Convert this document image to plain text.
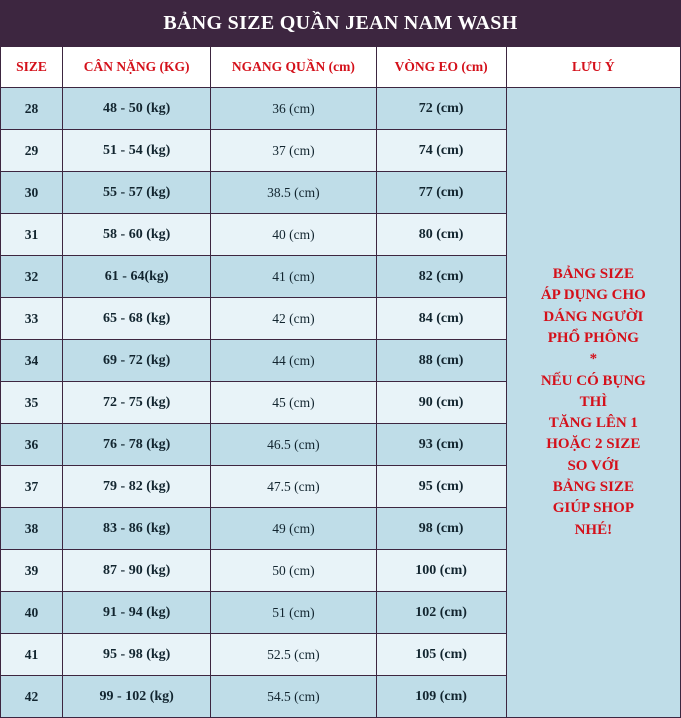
BẢNG SIZE QUẦN JEAN NAM WASH
SIZE	CÂN NẶNG (KG)	NGANG QUẦN (cm)	VÒNG EO (cm)	LƯU Ý
28	48 - 50 (kg)	36 (cm)	72 (cm)	
BẢNG SIZE
ÁP DỤNG CHO
DÁNG NGƯỜI
PHỔ PHÔNG
*
NẾU CÓ BỤNG
THÌ
TĂNG LÊN 1
HOẶC 2 SIZE
SO VỚI
BẢNG SIZE
GIÚP SHOP
NHÉ!

29	51 - 54 (kg)	37 (cm)	74 (cm)	
30	55 - 57 (kg)	38.5 (cm)	77 (cm)	
31	58 - 60 (kg)	40 (cm)	80 (cm)	
32	61 - 64(kg)	41 (cm)	82 (cm)	
33	65 - 68 (kg)	42 (cm)	84 (cm)	
34	69 - 72 (kg)	44 (cm)	88 (cm)	
35	72 - 75 (kg)	45 (cm)	90 (cm)	
36	76 - 78 (kg)	46.5 (cm)	93 (cm)	
37	79 - 82 (kg)	47.5 (cm)	95 (cm)	
38	83 - 86 (kg)	49 (cm)	98 (cm)	
39	87 - 90 (kg)	50 (cm)	100 (cm)	
40	91 - 94 (kg)	51 (cm)	102 (cm)	
41	95 - 98 (kg)	52.5 (cm)	105 (cm)	
42	99 - 102 (kg)	54.5 (cm)	109 (cm)	
